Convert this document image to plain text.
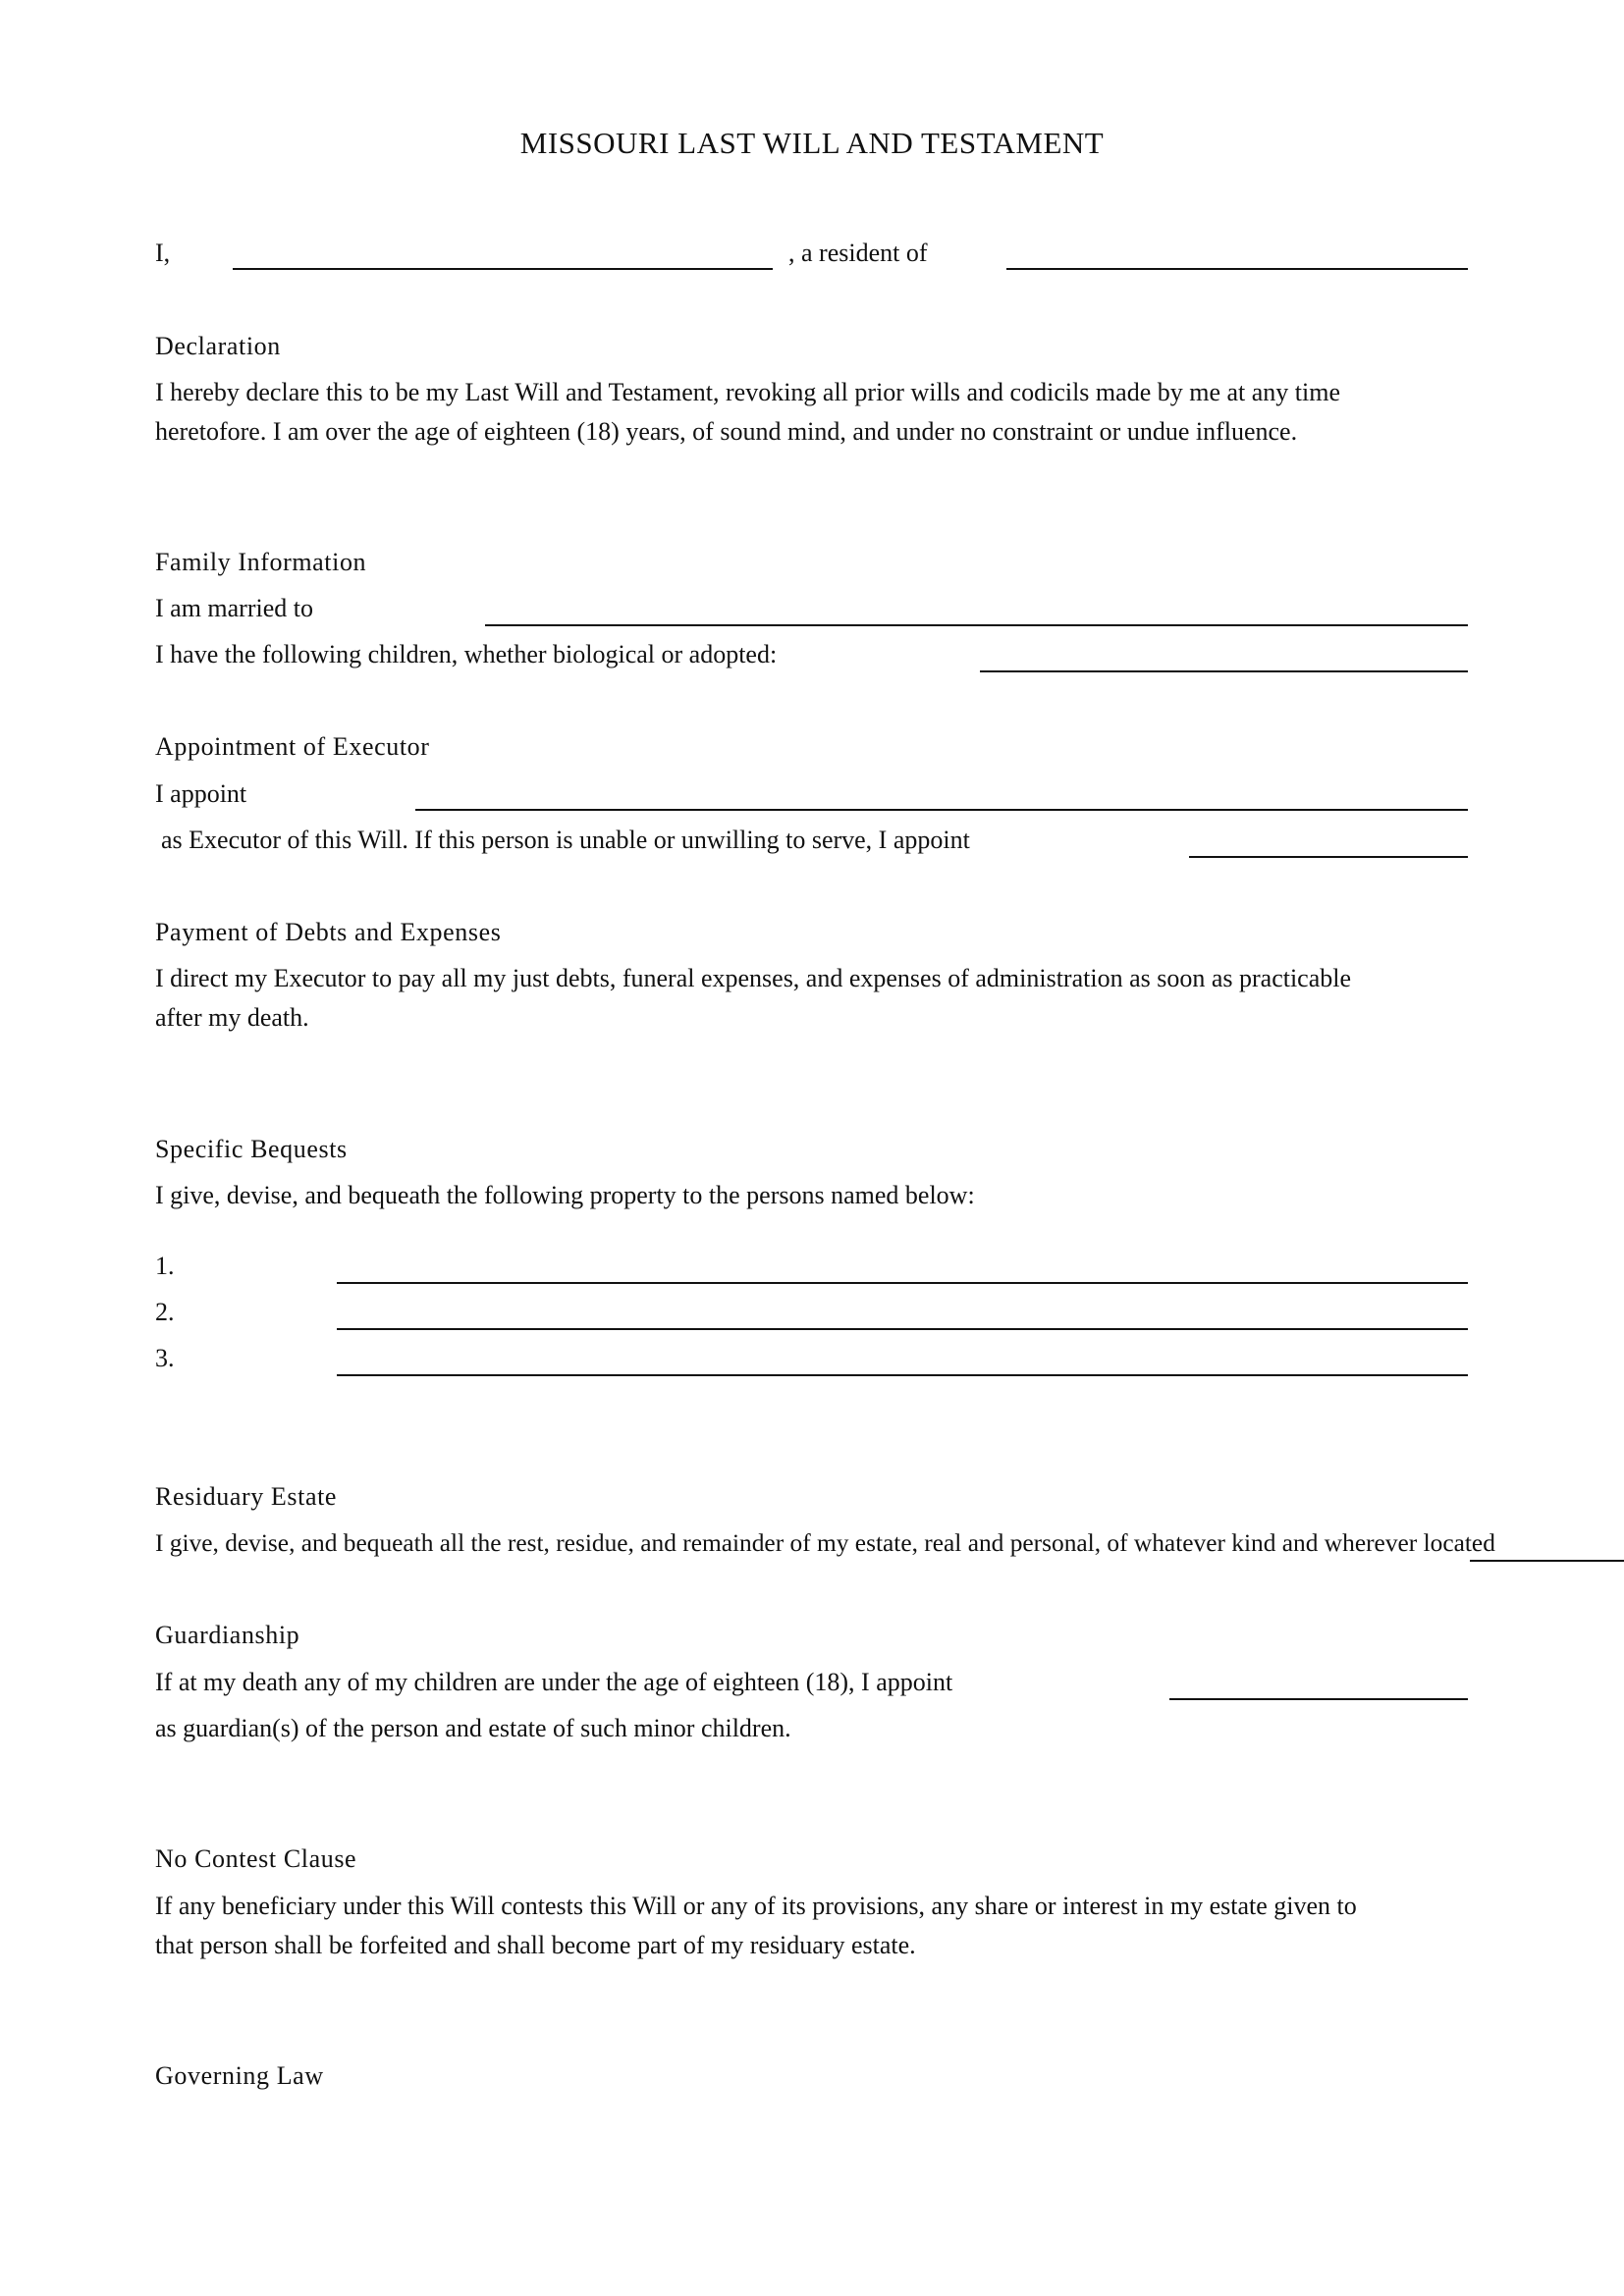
MISSOURI LAST WILL AND TESTAMENT
I,	, a resident of
Declaration
I hereby declare this to be my Last Will and Testament, revoking all prior wills and codicils made by me at any time
heretofore. I am over the age of eighteen (18) years, of sound mind, and under no constraint or undue influence.
Family Information
I am married to
I have the following children, whether biological or adopted:
Appointment of Executor
I appoint
as Executor of this Will. If this person is unable or unwilling to serve, I appoint
Payment of Debts and Expenses
I direct my Executor to pay all my just debts, funeral expenses, and expenses of administration as soon as practicable
after my death.
Specific Bequests
I give, devise, and bequeath the following property to the persons named below:
1.
2.
3.
Residuary Estate
I give, devise, and bequeath all the rest, residue, and remainder of my estate, real and personal, of whatever kind and wherever located
Guardianship
If at my death any of my children are under the age of eighteen (18), I appoint
as guardian(s) of the person and estate of such minor children.
No Contest Clause
If any beneficiary under this Will contests this Will or any of its provisions, any share or interest in my estate given to
that person shall be forfeited and shall become part of my residuary estate.
Governing Law
